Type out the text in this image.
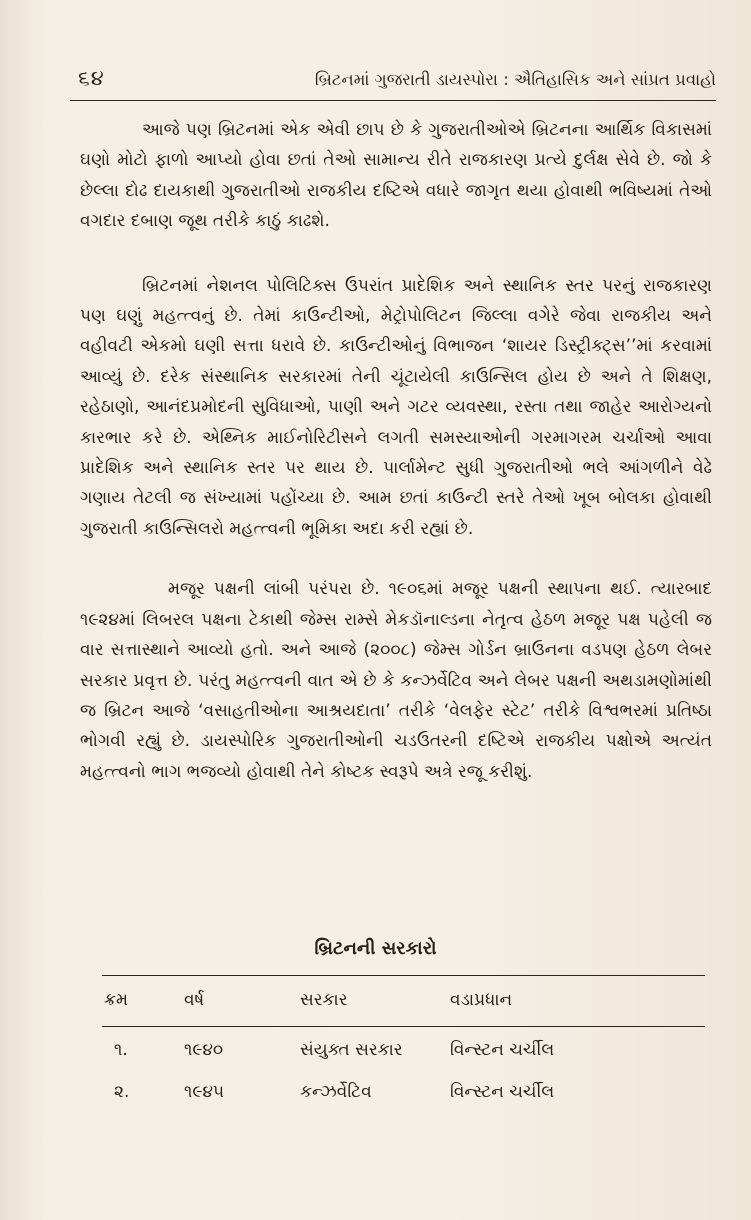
૬૪	બ્રિટનમાં ગુજરાતી ડાયસ્પોરા : ઐતિહાસિક અને સાંપ્રત પ્રવાહો

આજે પણ બ્રિટનમાં એક એવી છાપ છે કે ગુજરાતીઓએ બ્રિટનના આર્થિક વિકાસમાં ઘણો મોટો ફાળો આપ્યો હોવા છતાં તેઓ સામાન્ય રીતે રાજકારણ પ્રત્યે દુર્લક્ષ સેવે છે. જો કે છેલ્લા દોઢ દાયકાથી ગુજરાતીઓ રાજકીય દષ્ટિએ વધારે જાગૃત થયા હોવાથી ભવિષ્યમાં તેઓ વગદાર દબાણ જૂથ તરીકે કાઠું કાઢશે.

બ્રિટનમાં નેશનલ પોલિટિક્સ ઉપરાંત પ્રાદેશિક અને સ્થાનિક સ્તર પરનું રાજકારણ પણ ઘણું મહત્ત્વનું છે. તેમાં કાઉન્ટીઓ, મેટ્રોપોલિટન જિલ્લા વગેરે જેવા રાજકીય અને વહીવટી એકમો ઘણી સત્તા ધરાવે છે. કાઉન્ટીઓનું વિભાજન ‘શાયર ડિસ્ટ્રીક્ટ્સ’’માં કરવામાં આવ્યું છે. દરેક સંસ્થાનિક સરકારમાં તેની ચૂંટાયેલી કાઉન્સિલ હોય છે અને તે શિક્ષણ, રહેઠાણો, આનંદપ્રમોદની સુવિધાઓ, પાણી અને ગટર વ્યવસ્થા, રસ્તા તથા જાહેર આરોગ્યનો કારભાર કરે છે. એથ્નિક માઈનોરિટીસને લગતી સમસ્યાઓની ગરમાગરમ ચર્ચાઓ આવા પ્રાદેશિક અને સ્થાનિક સ્તર પર થાય છે. પાર્લામેન્ટ સુધી ગુજરાતીઓ ભલે આંગળીને વેઢે ગણાય તેટલી જ સંખ્યામાં પહોંચ્યા છે. આમ છતાં કાઉન્ટી સ્તરે તેઓ ખૂબ બોલકા હોવાથી ગુજરાતી કાઉન્સિલરો મહત્ત્વની ભૂમિકા અદા કરી રહ્યાં છે.

મજૂર પક્ષની લાંબી પરંપરા છે. ૧૯૦૬માં મજૂર પક્ષની સ્થાપના થઈ. ત્યારબાદ ૧૯૨૪માં લિબરલ પક્ષના ટેકાથી જેમ્સ રામ્સે મેકડૉનાલ્ડના નેતૃત્વ હેઠળ મજૂર પક્ષ પહેલી જ વાર સત્તાસ્થાને આવ્યો હતો. અને આજે (૨૦૦૮) જેમ્સ ગોર્ડન બ્રાઉનના વડપણ હેઠળ લેબર સરકાર પ્રવૃત્ત છે. પરંતુ મહત્ત્વની વાત એ છે કે કન્ઝર્વેટિવ અને લેબર પક્ષની અથડામણોમાંથી જ બ્રિટન આજે ‘વસાહતીઓના આશ્રયદાતા’ તરીકે ‘વેલફેર સ્ટેટ’ તરીકે વિશ્વભરમાં પ્રતિષ્ઠા ભોગવી રહ્યું છે. ડાયસ્પોરિક ગુજરાતીઓની ચડઉતરની દષ્ટિએ રાજકીય પક્ષોએ અત્યંત મહત્ત્વનો ભાગ ભજવ્યો હોવાથી તેને કોષ્ટક સ્વરૂપે અત્રે રજૂ કરીશું.

બ્રિટનની સરકારો
ક્રમ	વર્ષ	સરકાર	વડાપ્રધાન
૧.	૧૯૪૦	સંયુક્ત સરકાર	વિન્સ્ટન ચર્ચીલ
૨.	૧૯૪૫	કન્ઝર્વેટિવ	વિન્સ્ટન ચર્ચીલ
